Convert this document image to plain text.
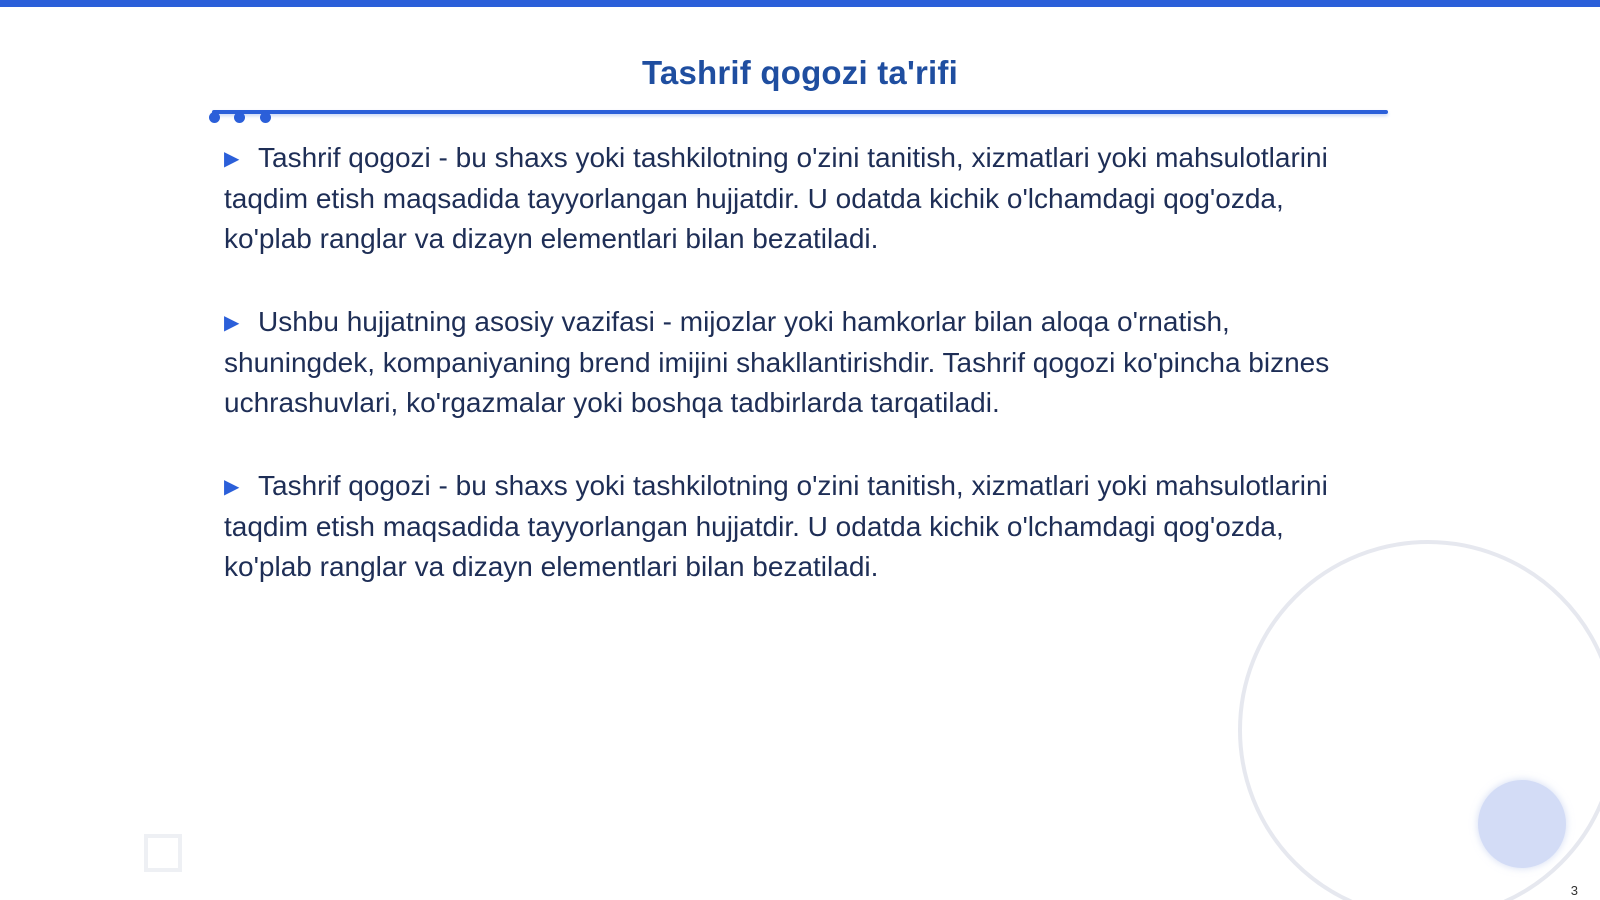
Tashrif qogozi ta'rifi

▶ Tashrif qogozi - bu shaxs yoki tashkilotning o'zini tanitish, xizmatlari yoki mahsulotlarini taqdim etish maqsadida tayyorlangan hujjatdir. U odatda kichik o'lchamdagi qog'ozda, ko'plab ranglar va dizayn elementlari bilan bezatiladi.

▶ Ushbu hujjatning asosiy vazifasi - mijozlar yoki hamkorlar bilan aloqa o'rnatish, shuningdek, kompaniyaning brend imijini shakllantirishdir. Tashrif qogozi ko'pincha biznes uchrashuvlari, ko'rgazmalar yoki boshqa tadbirlarda tarqatiladi.

▶ Tashrif qogozi - bu shaxs yoki tashkilotning o'zini tanitish, xizmatlari yoki mahsulotlarini taqdim etish maqsadida tayyorlangan hujjatdir. U odatda kichik o'lchamdagi qog'ozda, ko'plab ranglar va dizayn elementlari bilan bezatiladi.

3
